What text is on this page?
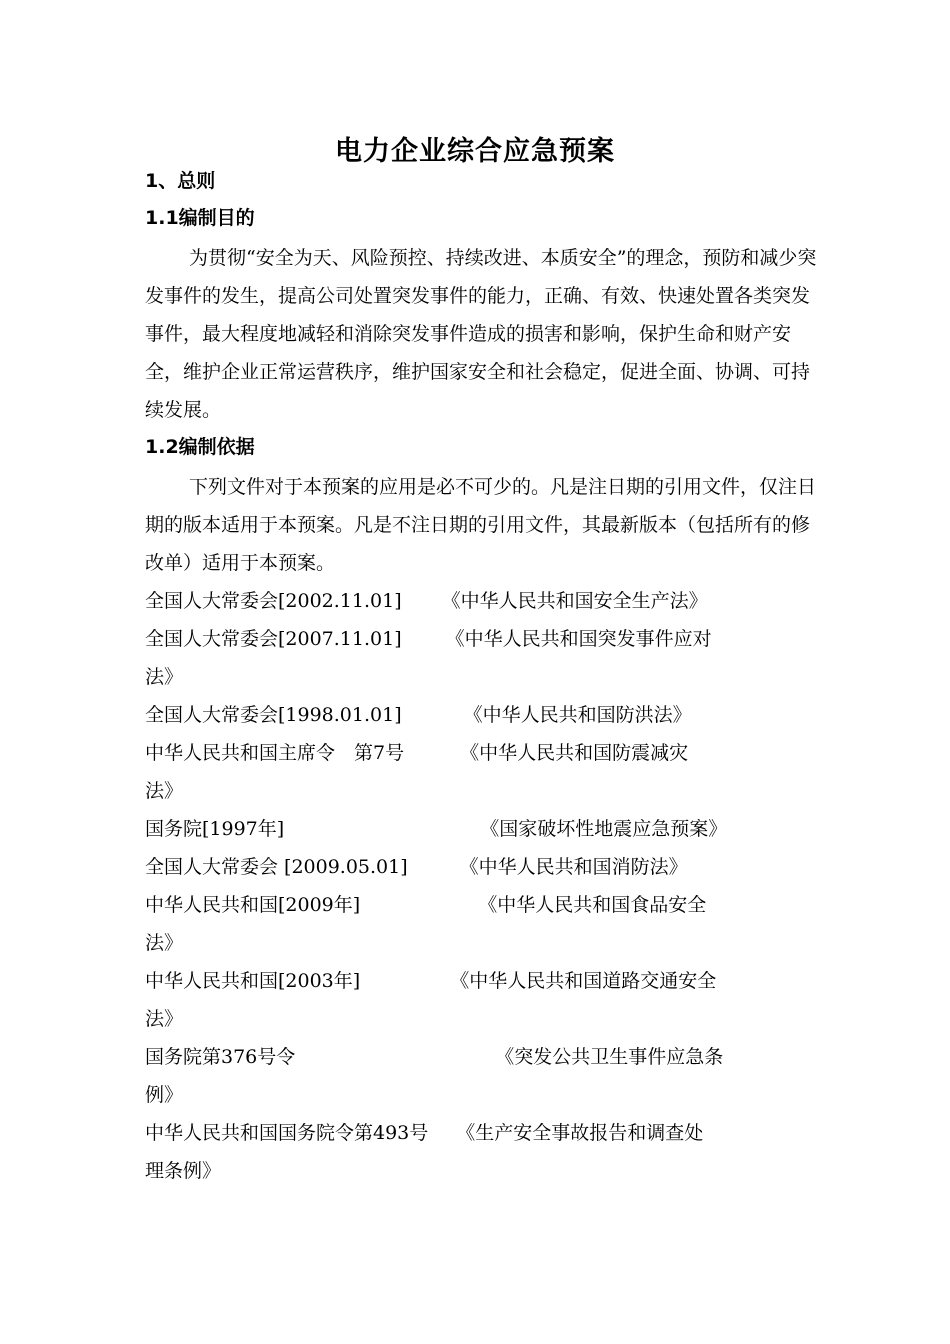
电力企业综合应急预案
1、总则
1.1编制目的
为贯彻“安全为天、风险预控、持续改进、本质安全”的理念，预防和减少突发事件的发生，提高公司处置突发事件的能力，正确、有效、快速处置各类突发事件，最大程度地减轻和消除突发事件造成的损害和影响，保护生命和财产安全，维护企业正常运营秩序，维护国家安全和社会稳定，促进全面、协调、可持续发展。
1.2编制依据
下列文件对于本预案的应用是必不可少的。凡是注日期的引用文件，仅注日期的版本适用于本预案。凡是不注日期的引用文件，其最新版本（包括所有的修改单）适用于本预案。
全国人大常委会[2002.11.01] 《中华人民共和国安全生产法》
全国人大常委会[2007.11.01] 《中华人民共和国突发事件应对
法》
全国人大常委会[1998.01.01]	《中华人民共和国防洪法》
中华人民共和国主席令　第7号	《中华人民共和国防震减灾
法》
国务院[1997年]	《国家破坏性地震应急预案》
全国人大常委会 [2009.05.01]	《中华人民共和国消防法》
中华人民共和国[2009年]	《中华人民共和国食品安全
法》
中华人民共和国[2003年]	《中华人民共和国道路交通安全
法》
国务院第376号令	《突发公共卫生事件应急条
例》
中华人民共和国国务院令第493号 《生产安全事故报告和调查处
理条例》
